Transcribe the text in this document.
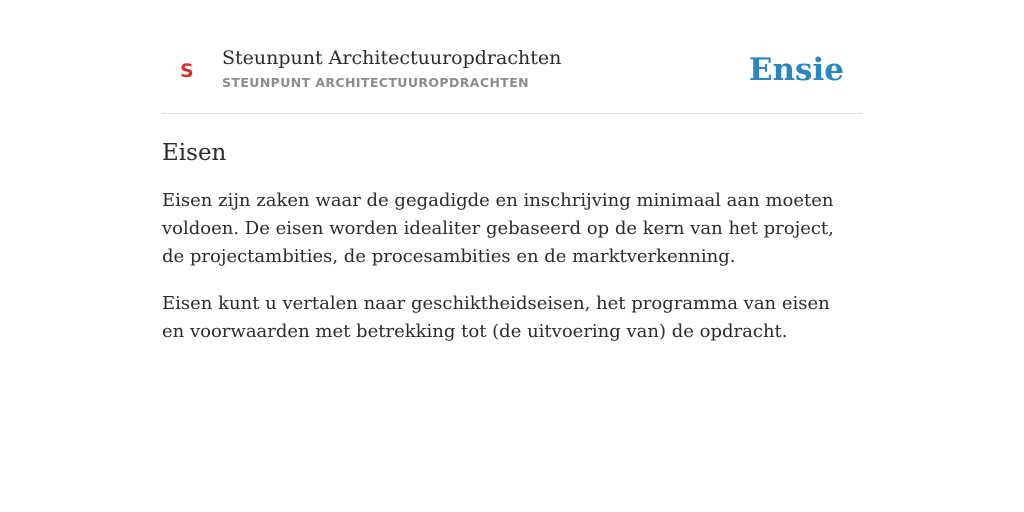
S
Steunpunt Architectuuropdrachten
STEUNPUNT ARCHITECTUUROPDRACHTEN	Ensie
Eisen

Eisen zijn zaken waar de gegadigde en inschrijving minimaal aan moeten voldoen. De eisen worden idealiter gebaseerd op de kern van het project, de projectambities, de procesambities en de marktverkenning.

Eisen kunt u vertalen naar geschiktheidseisen, het programma van eisen en voorwaarden met betrekking tot (de uitvoering van) de opdracht.
